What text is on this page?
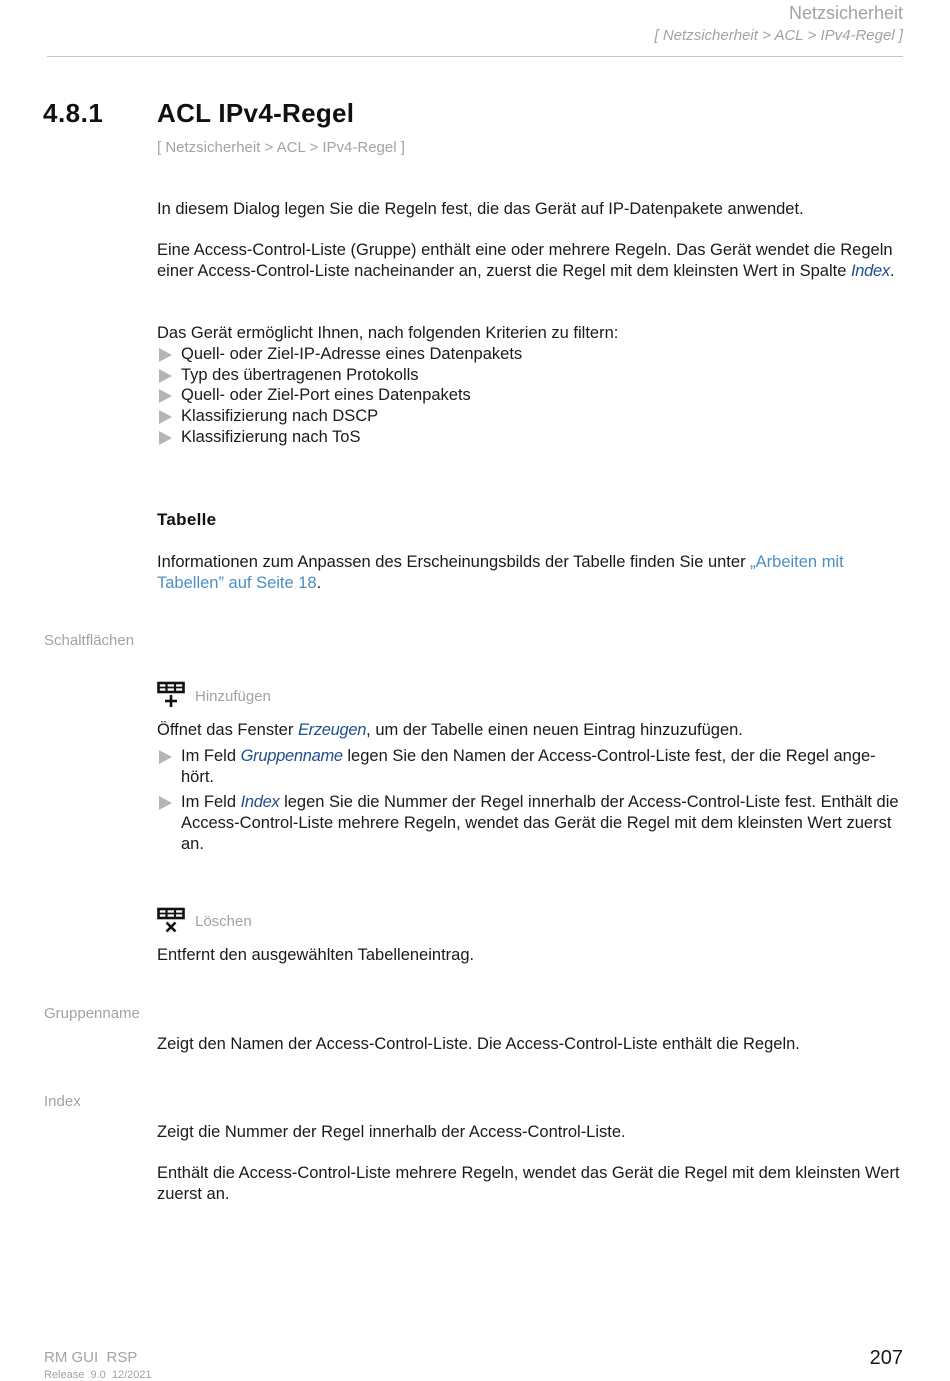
Netzsicherheit
[ Netzsicherheit > ACL > IPv4-Regel ]
4.8.1 ACL IPv4-Regel
[ Netzsicherheit > ACL > IPv4-Regel ]

In diesem Dialog legen Sie die Regeln fest, die das Gerät auf IP-Datenpakete anwendet.

Eine Access-Control-Liste (Gruppe) enthält eine oder mehrere Regeln. Das Gerät wendet die Regeln einer Access-Control-Liste nacheinander an, zuerst die Regel mit dem kleinsten Wert in Spalte Index.

Das Gerät ermöglicht Ihnen, nach folgenden Kriterien zu filtern:

Quell- oder Ziel-IP-Adresse eines Datenpakets
Typ des übertragenen Protokolls
Quell- oder Ziel-Port eines Datenpakets
Klassifizierung nach DSCP
Klassifizierung nach ToS
Tabelle

Informationen zum Anpassen des Erscheinungsbilds der Tabelle finden Sie unter „Arbeiten mit Tabellen” auf Seite 18.

Schaltflächen
Hinzufügen

Öffnet das Fenster Erzeugen, um der Tabelle einen neuen Eintrag hinzuzufügen.

Im Feld Gruppenname legen Sie den Namen der Access-Control-Liste fest, der die Regel ange-hört.
Im Feld Index legen Sie die Nummer der Regel innerhalb der Access-Control-Liste fest. Enthält die Access-Control-Liste mehrere Regeln, wendet das Gerät die Regel mit dem kleinsten Wert zuerst an.
Löschen
Entfernt den ausgewählten Tabelleneintrag.
Gruppenname
Zeigt den Namen der Access-Control-Liste. Die Access-Control-Liste enthält die Regeln.
Index
Zeigt die Nummer der Regel innerhalb der Access-Control-Liste.
Enthält die Access-Control-Liste mehrere Regeln, wendet das Gerät die Regel mit dem kleinsten Wert zuerst an.
RM GUI  RSP
Release  9.0  12/2021
207
